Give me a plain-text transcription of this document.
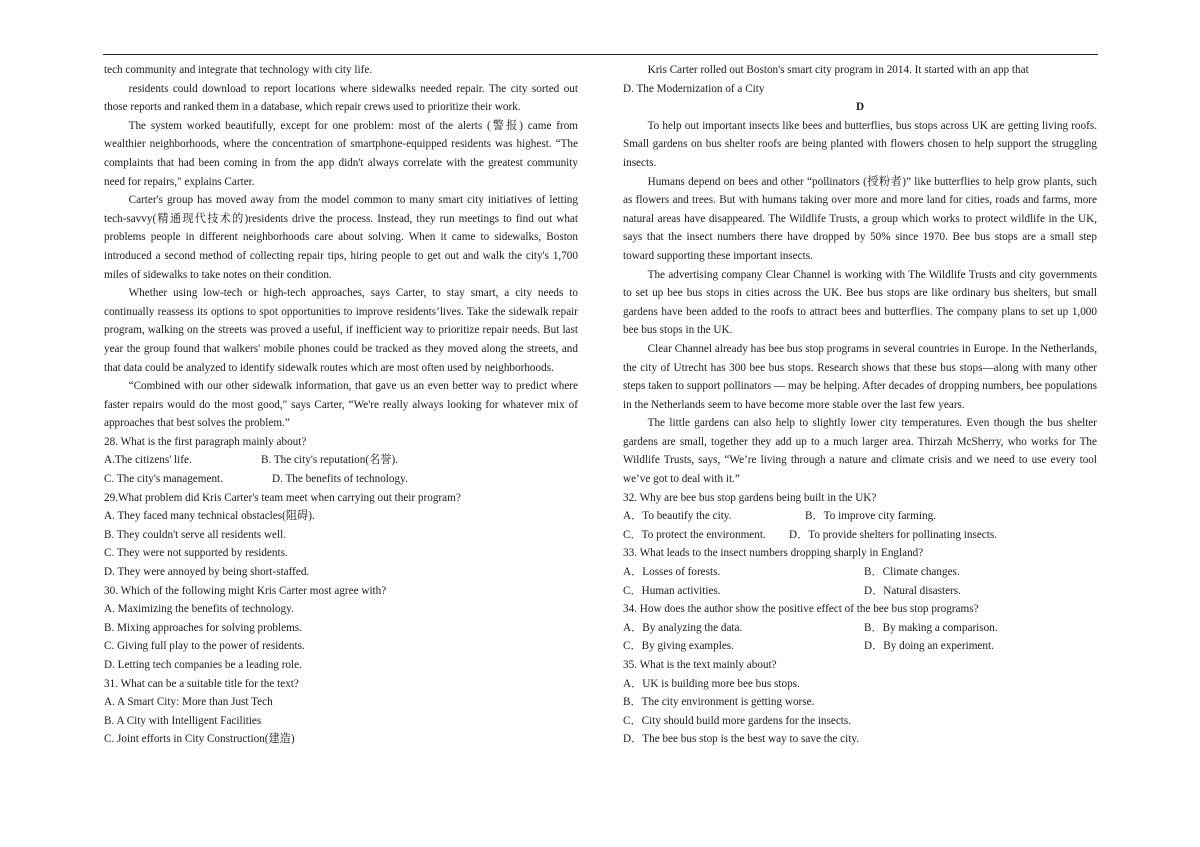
tech community and integrate that technology with city life.

residents could download to report locations where sidewalks needed repair. The city sorted out those reports and ranked them in a database, which repair crews used to prioritize their work.

The system worked beautifully, except for one problem: most of the alerts (警报) came from wealthier neighborhoods, where the concentration of smartphone-equipped residents was highest. “The complaints that had been coming in from the app didn't always correlate with the greatest community need for repairs," explains Carter.

Carter's group has moved away from the model common to many smart city initiatives of letting tech-savvy(精通现代技术的)residents drive the process. Instead, they run meetings to find out what problems people in different neighborhoods care about solving. When it came to sidewalks, Boston introduced a second method of collecting repair tips, hiring people to get out and walk the city's 1,700 miles of sidewalks to take notes on their condition.

Whether using low-tech or high-tech approaches, says Carter, to stay smart, a city needs to continually reassess its options to spot opportunities to improve residents’lives. Take the sidewalk repair program, walking on the streets was proved a useful, if inefficient way to prioritize repair needs. But last year the group found that walkers' mobile phones could be tracked as they moved along the streets, and that data could be analyzed to identify sidewalk routes which are most often used by neighborhoods.

“Combined with our other sidewalk information, that gave us an even better way to predict where faster repairs would do the most good," says Carter, “We're really always looking for whatever mix of approaches that best solves the problem.”

28. What is the first paragraph mainly about?

A.The citizens' life.	B. The city's reputation(名誉).
C. The city's management.	D. The benefits of technology.

29.What problem did Kris Carter's team meet when carrying out their program?

A. They faced many technical obstacles(阻碍).

B. They couldn't serve all residents well.

C. They were not supported by residents.

D. They were annoyed by being short-staffed.

30. Which of the following might Kris Carter most agree with?

A. Maximizing the benefits of technology.

B. Mixing approaches for solving problems.

C. Giving full play to the power of residents.

D. Letting tech companies be a leading role.

31. What can be a suitable title for the text?

A. A Smart City: More than Just Tech

B. A City with Intelligent Facilities

C. Joint efforts in City Construction(建造)

Kris Carter rolled out Boston's smart city program in 2014. It started with an app that

D. The Modernization of a City

D

To help out important insects like bees and butterflies, bus stops across UK are getting living roofs. Small gardens on bus shelter roofs are being planted with flowers chosen to help support the struggling insects.

Humans depend on bees and other “pollinators (授粉者)” like butterflies to help grow plants, such as flowers and trees. But with humans taking over more and more land for cities, roads and farms, more natural areas have disappeared. The Wildlife Trusts, a group which works to protect wildlife in the UK, says that the insect numbers there have dropped by 50% since 1970. Bee bus stops are a small step toward supporting these important insects.

The advertising company Clear Channel is working with The Wildlife Trusts and city governments to set up bee bus stops in cities across the UK. Bee bus stops are like ordinary bus shelters, but small gardens have been added to the roofs to attract bees and butterflies. The company plans to set up 1,000 bee bus stops in the UK.

Clear Channel already has bee bus stop programs in several countries in Europe. In the Netherlands, the city of Utrecht has 300 bee bus stops. Research shows that these bus stops—along with many other steps taken to support pollinators — may be helping. After decades of dropping numbers, bee populations in the Netherlands seem to have become more stable over the last few years.

The little gardens can also help to slightly lower city temperatures. Even though the bus shelter gardens are small, together they add up to a much larger area. Thirzah McSherry, who works for The Wildlife Trusts, says, “We’re living through a nature and climate crisis and we need to use every tool we’ve got to deal with it.”

32. Why are bee bus stop gardens being built in the UK?

A．To beautify the city.	B．To improve city farming.
C．To protect the environment. D．To provide shelters for pollinating insects.

33. What leads to the insect numbers dropping sharply in England?

A．Losses of forests.	B．Climate changes.
C．Human activities.	D．Natural disasters.

34. How does the author show the positive effect of the bee bus stop programs?

A．By analyzing the data.	B．By making a comparison.
C．By giving examples.	D．By doing an experiment.

35. What is the text mainly about?

A．UK is building more bee bus stops.

B．The city environment is getting worse.

C．City should build more gardens for the insects.

D．The bee bus stop is the best way to save the city.
